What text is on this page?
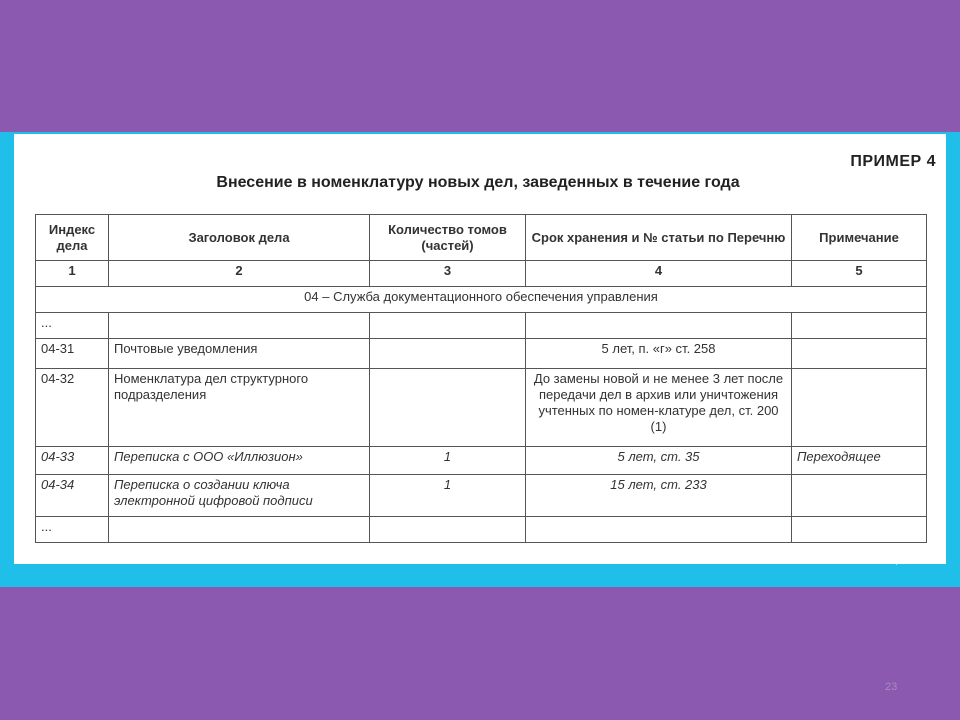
ПРИМЕР 4
Внесение в номенклатуру новых дел, заведенных в течение года
Индекс дела	Заголовок дела	Количество томов (частей)	Срок хранения и № статьи по Перечню	Примечание
1	2	3	4	5
04 – Служба документационного обеспечения управления				
...				
04-31	Почтовые уведомления		5 лет, п. «г» ст. 258	
04-32	Номенклатура дел структурного подразделения		До замены новой и не менее 3 лет после передачи дел в архив или уничтожения учтенных по номен-клатуре дел, ст. 200 (1)	
04-33	Переписка с ООО «Иллюзион»	1	5 лет, ст. 35	Переходящее
04-34	Переписка о создании ключа электронной цифровой подписи	1	15 лет, ст. 233	
...				
23
